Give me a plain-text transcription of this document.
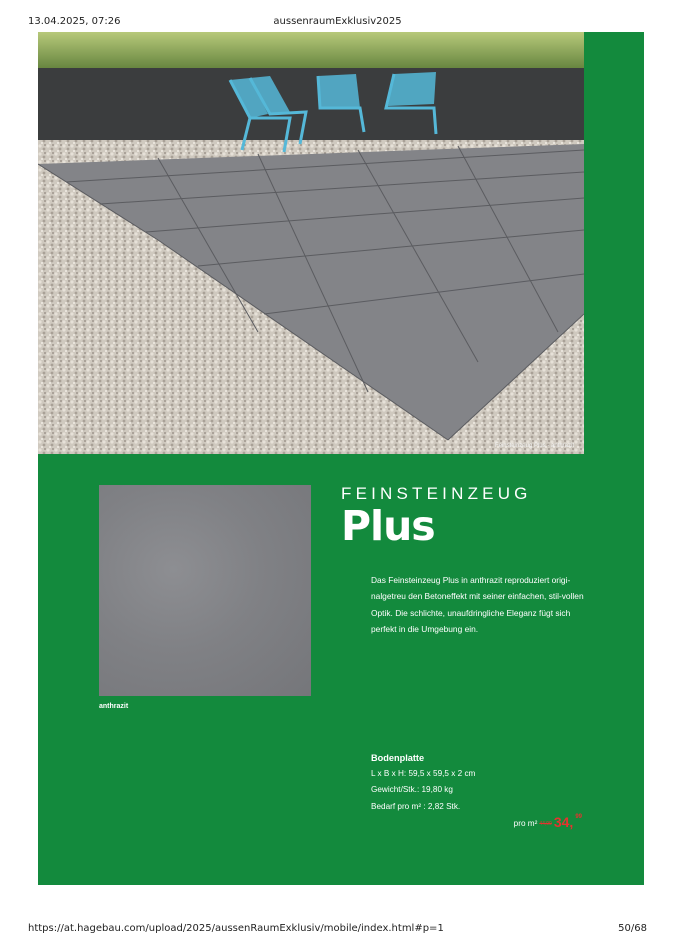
13.04.2025, 07:26	aussenraumExklusiv2025
Feinsteinzeug Plus - anthrazit
anthrazit
FEINSTEINZEUG
Plus
Das Feinsteinzeug Plus in anthrazit reproduziert origi-nalgetreu den Betoneffekt mit seiner einfachen, stil-vollen Optik. Die schlichte, unaufdringliche Eleganz fügt sich perfekt in die Umgebung ein.
Bodenplatte
L x B x H: 59,5 x 59,5 x 2 cm
Gewicht/Stk.: 19,80 kg
Bedarf pro m² : 2,82 Stk.
pro m² 44,99 34, 99
https://at.hagebau.com/upload/2025/aussenRaumExklusiv/mobile/index.html#p=1	50/68
